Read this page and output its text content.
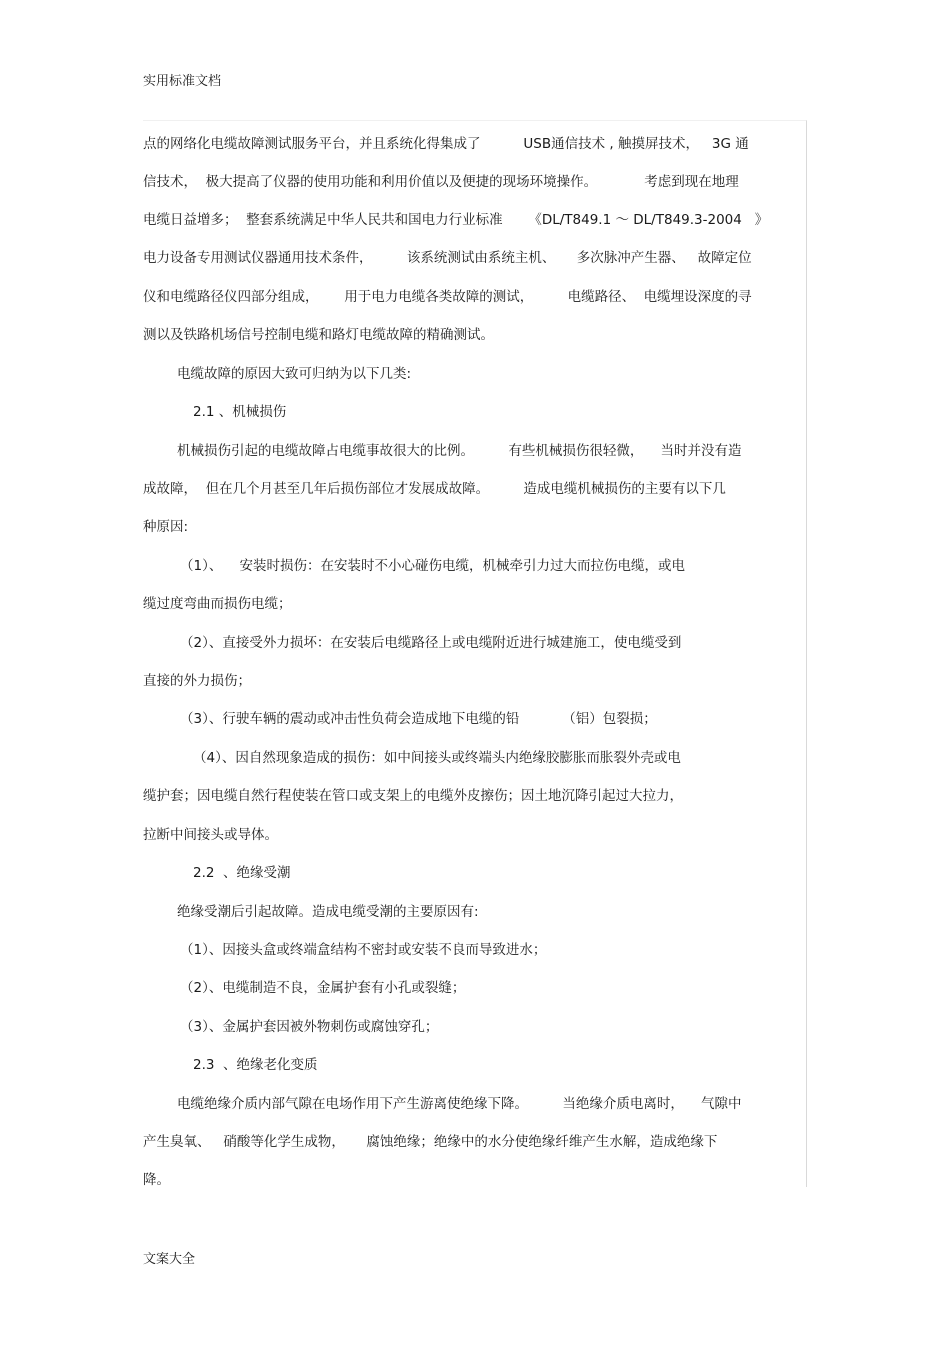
实用标准文档
点的网络化电缆故障测试服务平台，并且系统化得集成了          USB通信技术 , 触摸屏技术，   3G 通
信技术，  极大提高了仪器的使用功能和利用价值以及便捷的现场环境操作。           考虑到现在地理
电缆日益增多；  整套系统满足中华人民共和国电力行业标准      《DL/T849.1 ～ DL/T849.3-2004   》
电力设备专用测试仪器通用技术条件，        该系统测试由系统主机、     多次脉冲产生器、   故障定位
仪和电缆路径仪四部分组成，      用于电力电缆各类故障的测试，        电缆路径、  电缆埋设深度的寻
测以及铁路机场信号控制电缆和路灯电缆故障的精确测试。
电缆故障的原因大致可归纳为以下几类:
2.1 、机械损伤
机械损伤引起的电缆故障占电缆事故很大的比例。        有些机械损伤很轻微，    当时并没有造
成故障，  但在几个月甚至几年后损伤部位才发展成故障。        造成电缆机械损伤的主要有以下几
种原因:
（1）、    安装时损伤：在安装时不小心碰伤电缆，机械牵引力过大而拉伤电缆，或电
缆过度弯曲而损伤电缆；
（2）、直接受外力损坏：在安装后电缆路径上或电缆附近进行城建施工，使电缆受到
直接的外力损伤；
（3）、行驶车辆的震动或冲击性负荷会造成地下电缆的铅          （铝）包裂损；
（4）、因自然现象造成的损伤：如中间接头或终端头内绝缘胶膨胀而胀裂外壳或电
缆护套；因电缆自然行程使装在管口或支架上的电缆外皮擦伤；因土地沉降引起过大拉力，
拉断中间接头或导体。
2.2  、绝缘受潮
绝缘受潮后引起故障。造成电缆受潮的主要原因有:
（1）、因接头盒或终端盒结构不密封或安装不良而导致进水；
（2）、电缆制造不良，金属护套有小孔或裂缝；
（3）、金属护套因被外物刺伤或腐蚀穿孔；
2.3  、绝缘老化变质
电缆绝缘介质内部气隙在电场作用下产生游离使绝缘下降。        当绝缘介质电离时，    气隙中
产生臭氧、   硝酸等化学生成物，     腐蚀绝缘；绝缘中的水分使绝缘纤维产生水解，造成绝缘下
降。
文案大全
